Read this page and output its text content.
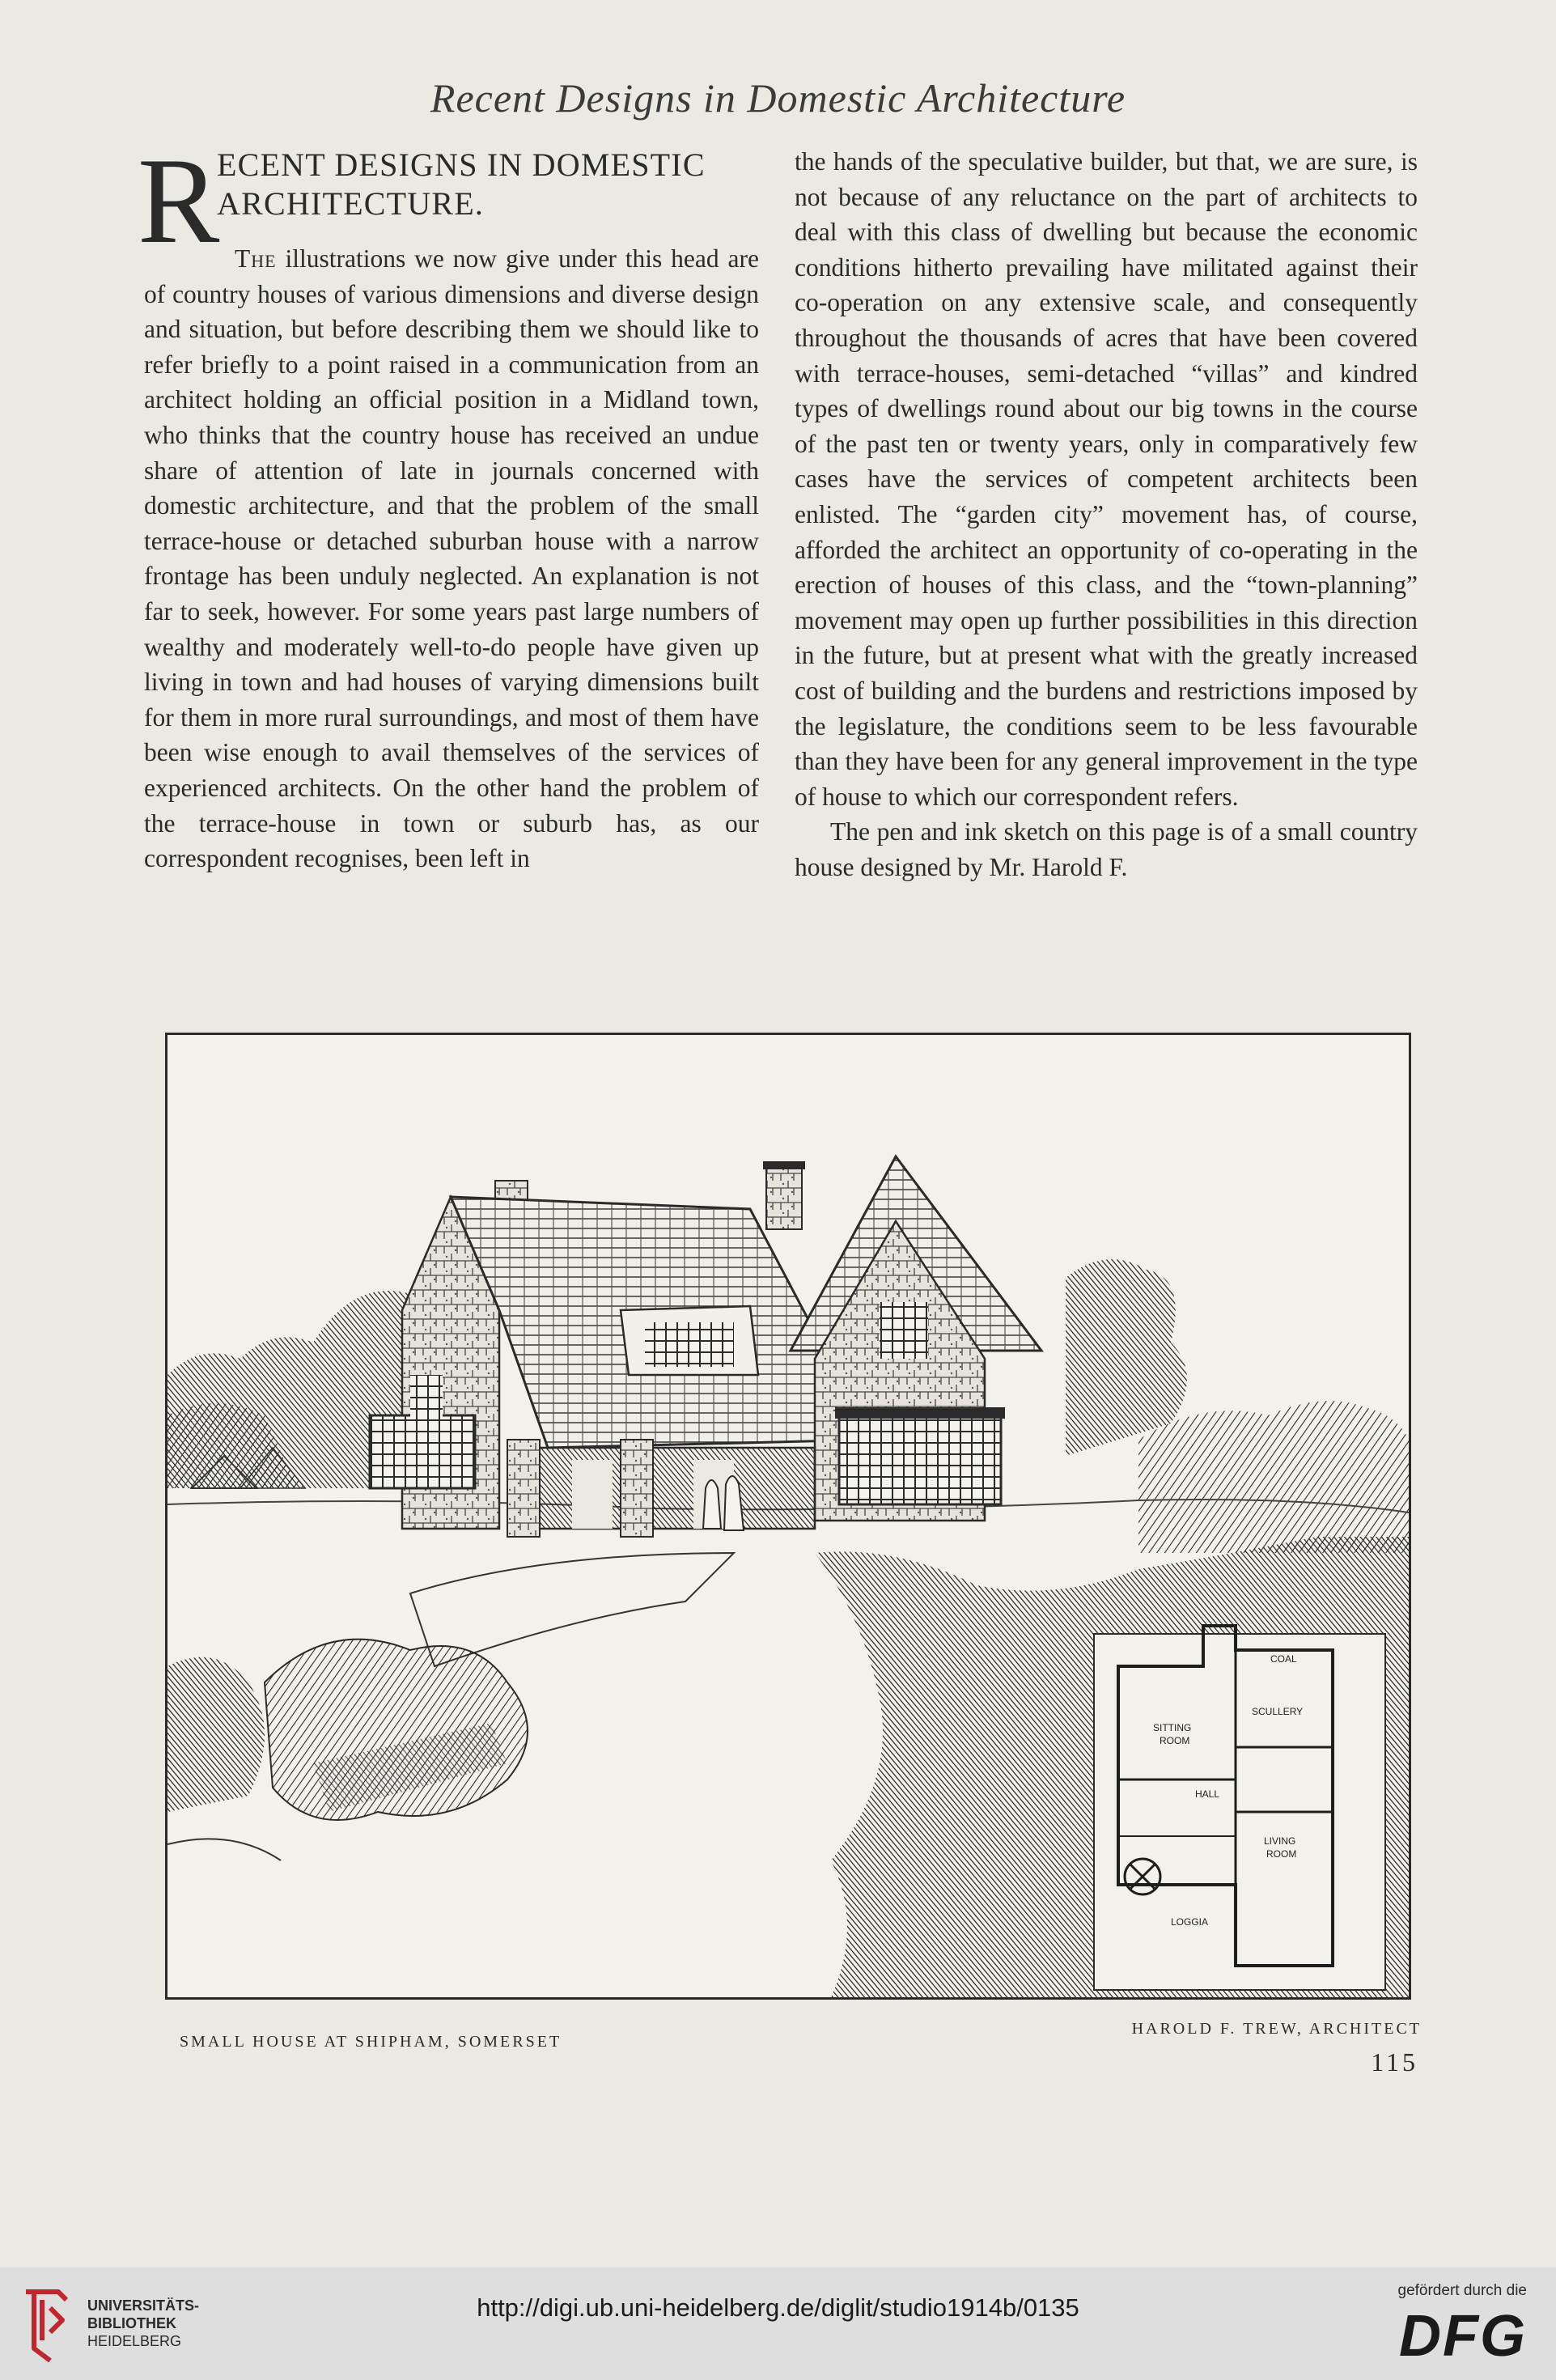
Recent Designs in Domestic Architecture
R
ECENT DESIGNS IN DOMESTIC
ARCHITECTURE.

The illustrations we now give under this head are of country houses of various dimensions and diverse design and situation, but before describing them we should like to refer briefly to a point raised in a communication from an architect holding an official position in a Midland town, who thinks that the country house has received an undue share of attention of late in journals concerned with domestic architecture, and that the problem of the small terrace-house or detached suburban house with a narrow frontage has been unduly neglected. An explanation is not far to seek, however. For some years past large numbers of wealthy and moderately well-to-do people have given up living in town and had houses of varying dimensions built for them in more rural surroundings, and most of them have been wise enough to avail themselves of the services of experienced architects. On the other hand the problem of the terrace-house in town or suburb has, as our correspondent recognises, been left in

the hands of the speculative builder, but that, we are sure, is not because of any reluctance on the part of architects to deal with this class of dwelling but because the economic conditions hitherto prevailing have militated against their co-operation on any extensive scale, and consequently throughout the thousands of acres that have been covered with terrace-houses, semi-detached “villas” and kindred types of dwellings round about our big towns in the course of the past ten or twenty years, only in comparatively few cases have the services of competent architects been enlisted. The “garden city” movement has, of course, afforded the architect an opportunity of co-operating in the erection of houses of this class, and the “town-planning” movement may open up further possibilities in this direction in the future, but at present what with the greatly increased cost of building and the burdens and restrictions imposed by the legislature, the conditions seem to be less favourable than they have been for any general improvement in the type of house to which our correspondent refers.

The pen and ink sketch on this page is of a small country house designed by Mr. Harold F.

COAL
SCULLERY
SITTING
ROOM
HALL
LIVING
ROOM
LOGGIA
SMALL HOUSE AT SHIPHAM, SOMERSET
HAROLD F. TREW, ARCHITECT
115
UNIVERSITÄTS-
BIBLIOTHEK
HEIDELBERG
http://digi.ub.uni-heidelberg.de/diglit/studio1914b/0135
gefördert durch die
DFG
